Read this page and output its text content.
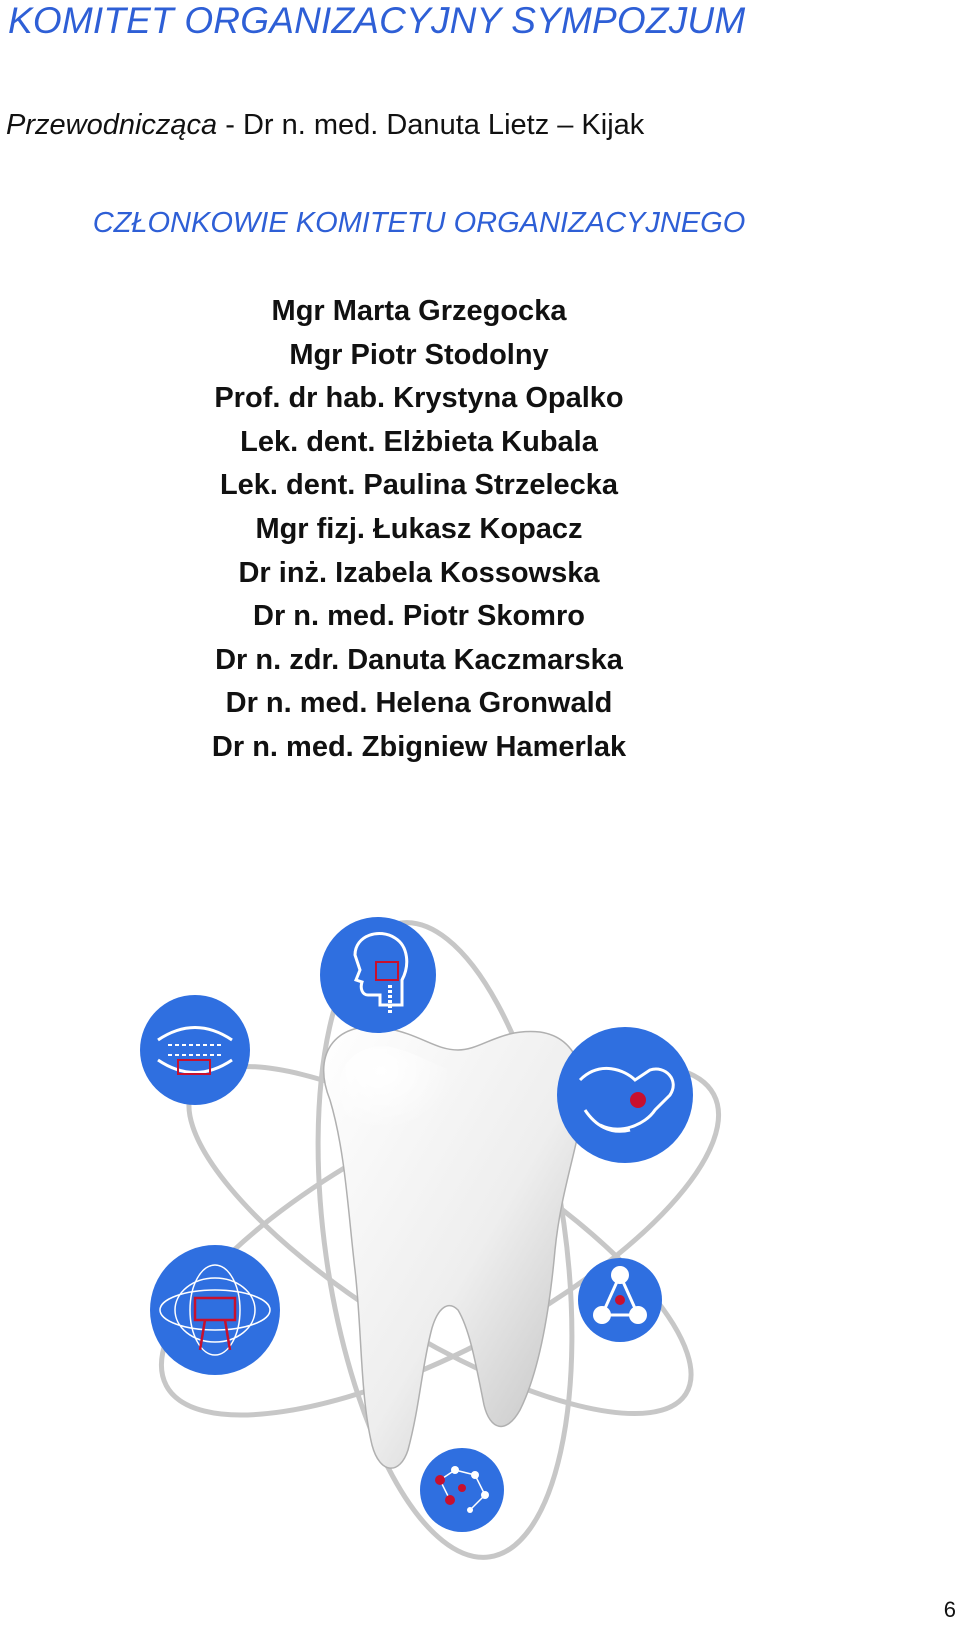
KOMITET ORGANIZACYJNY SYMPOZJUM
Przewodnicząca - Dr n. med. Danuta Lietz – Kijak
CZŁONKOWIE KOMITETU ORGANIZACYJNEGO
Mgr Marta Grzegocka
Mgr Piotr Stodolny
Prof. dr hab. Krystyna Opalko
Lek. dent. Elżbieta Kubala
Lek. dent. Paulina Strzelecka
Mgr fizj. Łukasz Kopacz
Dr inż. Izabela Kossowska
Dr n. med. Piotr Skomro
Dr n. zdr. Danuta Kaczmarska
Dr n. med. Helena Gronwald
Dr n. med. Zbigniew Hamerlak
6
